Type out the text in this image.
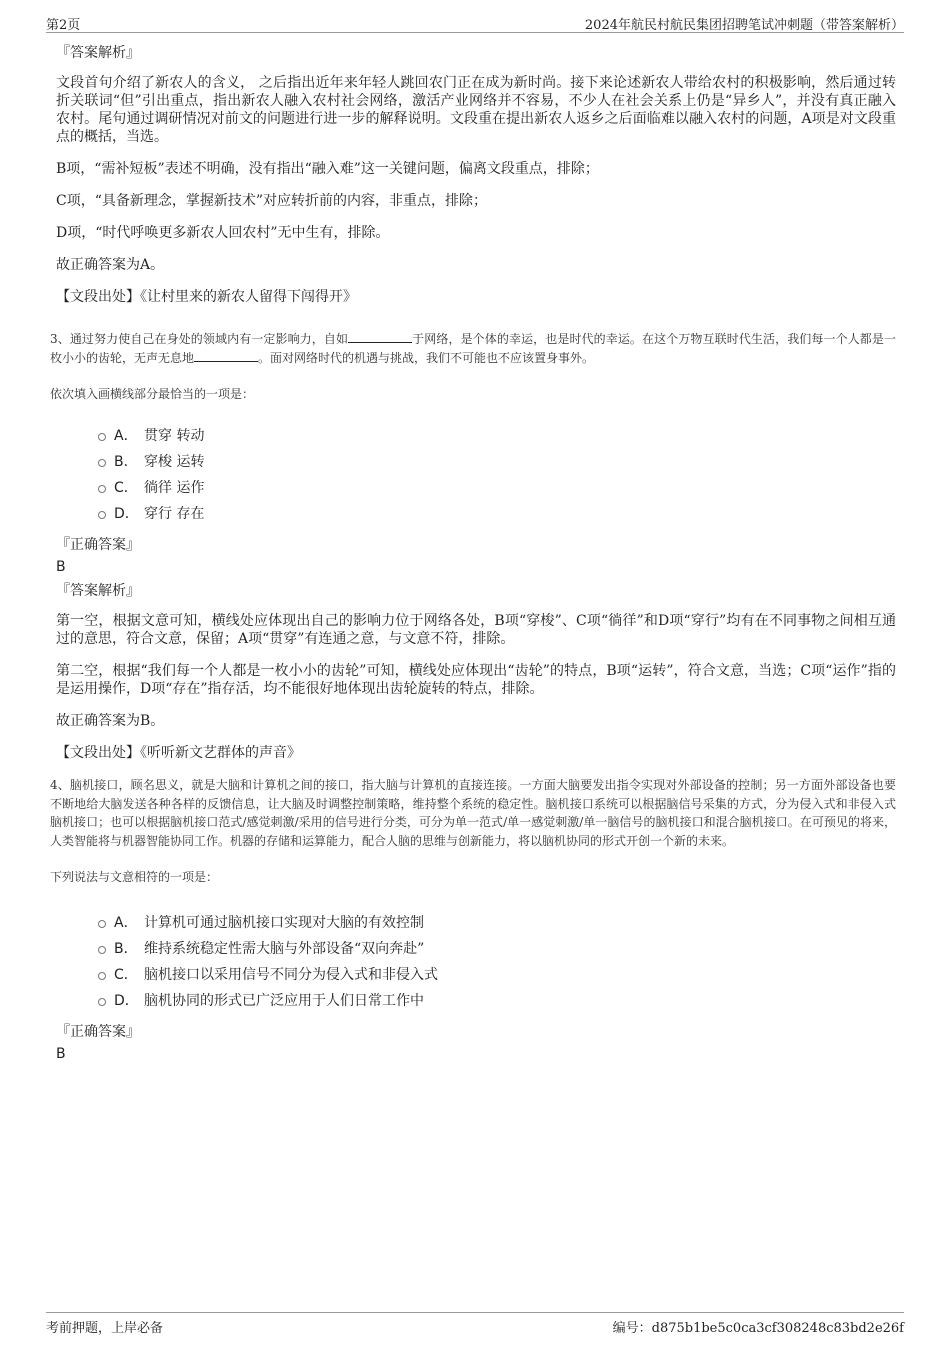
第2页	2024年航民村航民集团招聘笔试冲刺题（带答案解析）
『答案解析』

文段首句介绍了新农人的含义， 之后指出近年来年轻人跳回农门正在成为新时尚。接下来论述新农人带给农村的积极影响，然后通过转折关联词“但”引出重点，指出新农人融入农村社会网络，激活产业网络并不容易，不少人在社会关系上仍是“异乡人”，并没有真正融入农村。尾句通过调研情况对前文的问题进行进一步的解释说明。文段重在提出新农人返乡之后面临难以融入农村的问题，A项是对文段重点的概括，当选。

B项，“需补短板”表述不明确，没有指出“融入难”这一关键问题，偏离文段重点，排除；

C项，“具备新理念，掌握新技术”对应转折前的内容，非重点，排除；

D项，“时代呼唤更多新农人回农村”无中生有，排除。

故正确答案为A。

【文段出处】《让村里来的新农人留得下闯得开》

3、通过努力使自己在身处的领域内有一定影响力，自如	于网络，是个体的幸运，也是时代的幸运。在这个万物互联时代生活，我们每一个人都是一枚小小的齿轮，无声无息地	。面对网络时代的机遇与挑战，我们不可能也不应该置身事外。

依次填入画横线部分最恰当的一项是：

A． 贯穿 转动
B． 穿梭 运转
C． 徜徉 运作
D． 穿行 存在
『正确答案』
B
『答案解析』

第一空，根据文意可知，横线处应体现出自己的影响力位于网络各处，B项“穿梭”、C项“徜徉”和D项“穿行”均有在不同事物之间相互通过的意思，符合文意，保留；A项“贯穿”有连通之意，与文意不符，排除。

第二空，根据“我们每一个人都是一枚小小的齿轮”可知，横线处应体现出“齿轮”的特点，B项“运转”，符合文意，当选；C项“运作”指的是运用操作，D项“存在”指存活，均不能很好地体现出齿轮旋转的特点，排除。

故正确答案为B。

【文段出处】《听听新文艺群体的声音》

4、脑机接口，顾名思义，就是大脑和计算机之间的接口，指大脑与计算机的直接连接。一方面大脑要发出指令实现对外部设备的控制；另一方面外部设备也要不断地给大脑发送各种各样的反馈信息，让大脑及时调整控制策略，维持整个系统的稳定性。脑机接口系统可以根据脑信号采集的方式，分为侵入式和非侵入式脑机接口；也可以根据脑机接口范式/感觉刺激/采用的信号进行分类，可分为单一范式/单一感觉刺激/单一脑信号的脑机接口和混合脑机接口。在可预见的将来，人类智能将与机器智能协同工作。机器的存储和运算能力，配合人脑的思维与创新能力，将以脑机协同的形式开创一个新的未来。

下列说法与文意相符的一项是：

A． 计算机可通过脑机接口实现对大脑的有效控制
B． 维持系统稳定性需大脑与外部设备“双向奔赴”
C． 脑机接口以采用信号不同分为侵入式和非侵入式
D． 脑机协同的形式已广泛应用于人们日常工作中
『正确答案』
B
考前押题，上岸必备	编号：d875b1be5c0ca3cf308248c83bd2e26f
